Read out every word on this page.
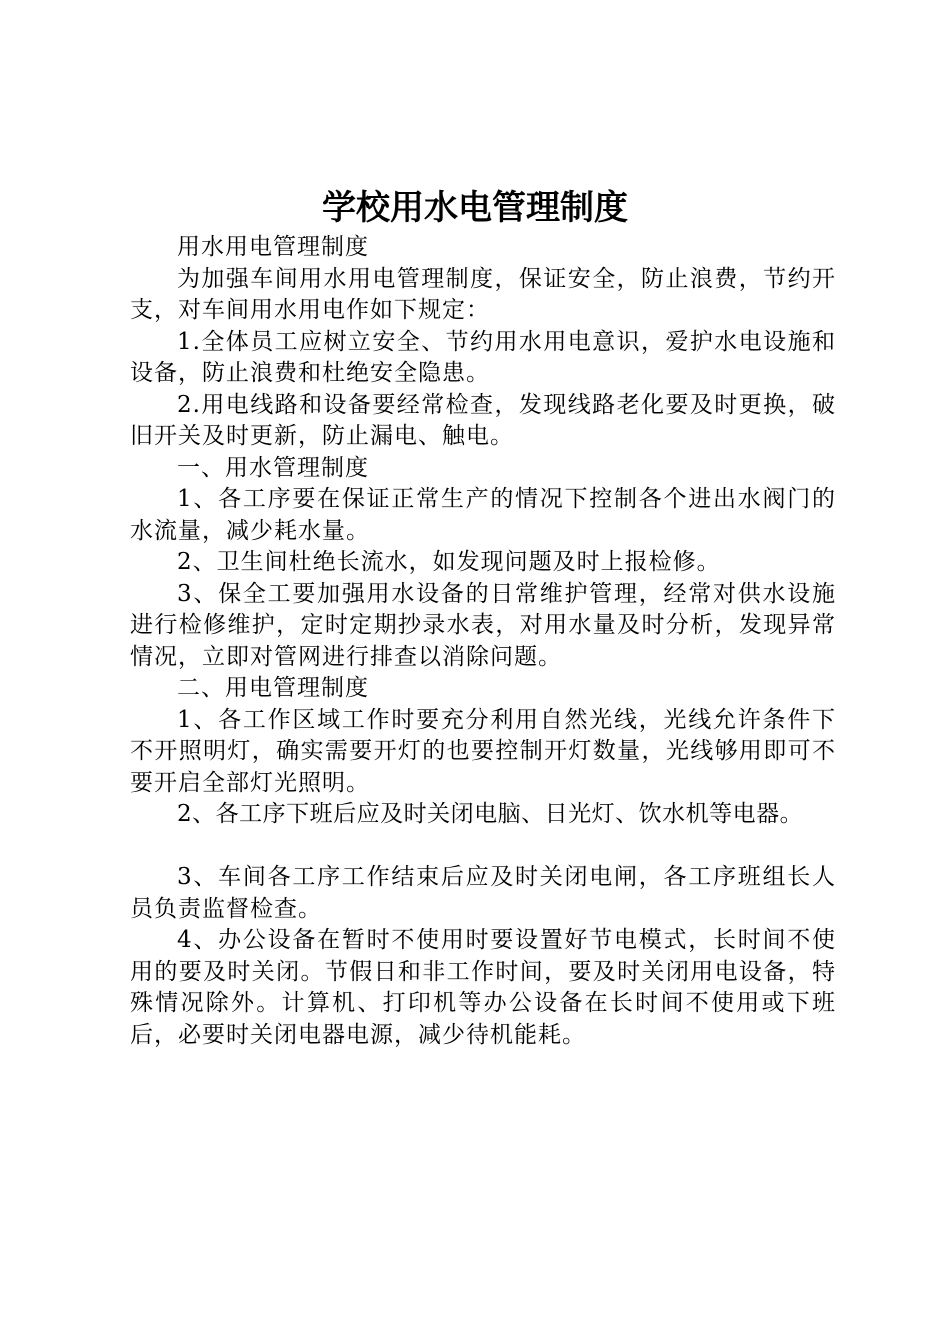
学校用水电管理制度

用水用电管理制度

为加强车间用水用电管理制度，保证安全，防止浪费，节约开支，对车间用水用电作如下规定：

1.全体员工应树立安全、节约用水用电意识，爱护水电设施和设备，防止浪费和杜绝安全隐患。

2.用电线路和设备要经常检查，发现线路老化要及时更换，破旧开关及时更新，防止漏电、触电。

一、用水管理制度

1、各工序要在保证正常生产的情况下控制各个进出水阀门的水流量，减少耗水量。

2、卫生间杜绝长流水，如发现问题及时上报检修。

3、保全工要加强用水设备的日常维护管理，经常对供水设施进行检修维护，定时定期抄录水表，对用水量及时分析，发现异常情况，立即对管网进行排查以消除问题。

二、用电管理制度

1、各工作区域工作时要充分利用自然光线，光线允许条件下不开照明灯，确实需要开灯的也要控制开灯数量，光线够用即可不要开启全部灯光照明。

2、各工序下班后应及时关闭电脑、日光灯、饮水机等电器。

3、车间各工序工作结束后应及时关闭电闸，各工序班组长人员负责监督检查。

4、办公设备在暂时不使用时要设置好节电模式，长时间不使用的要及时关闭。节假日和非工作时间，要及时关闭用电设备，特殊情况除外。计算机、打印机等办公设备在长时间不使用或下班后，必要时关闭电器电源，减少待机能耗。
